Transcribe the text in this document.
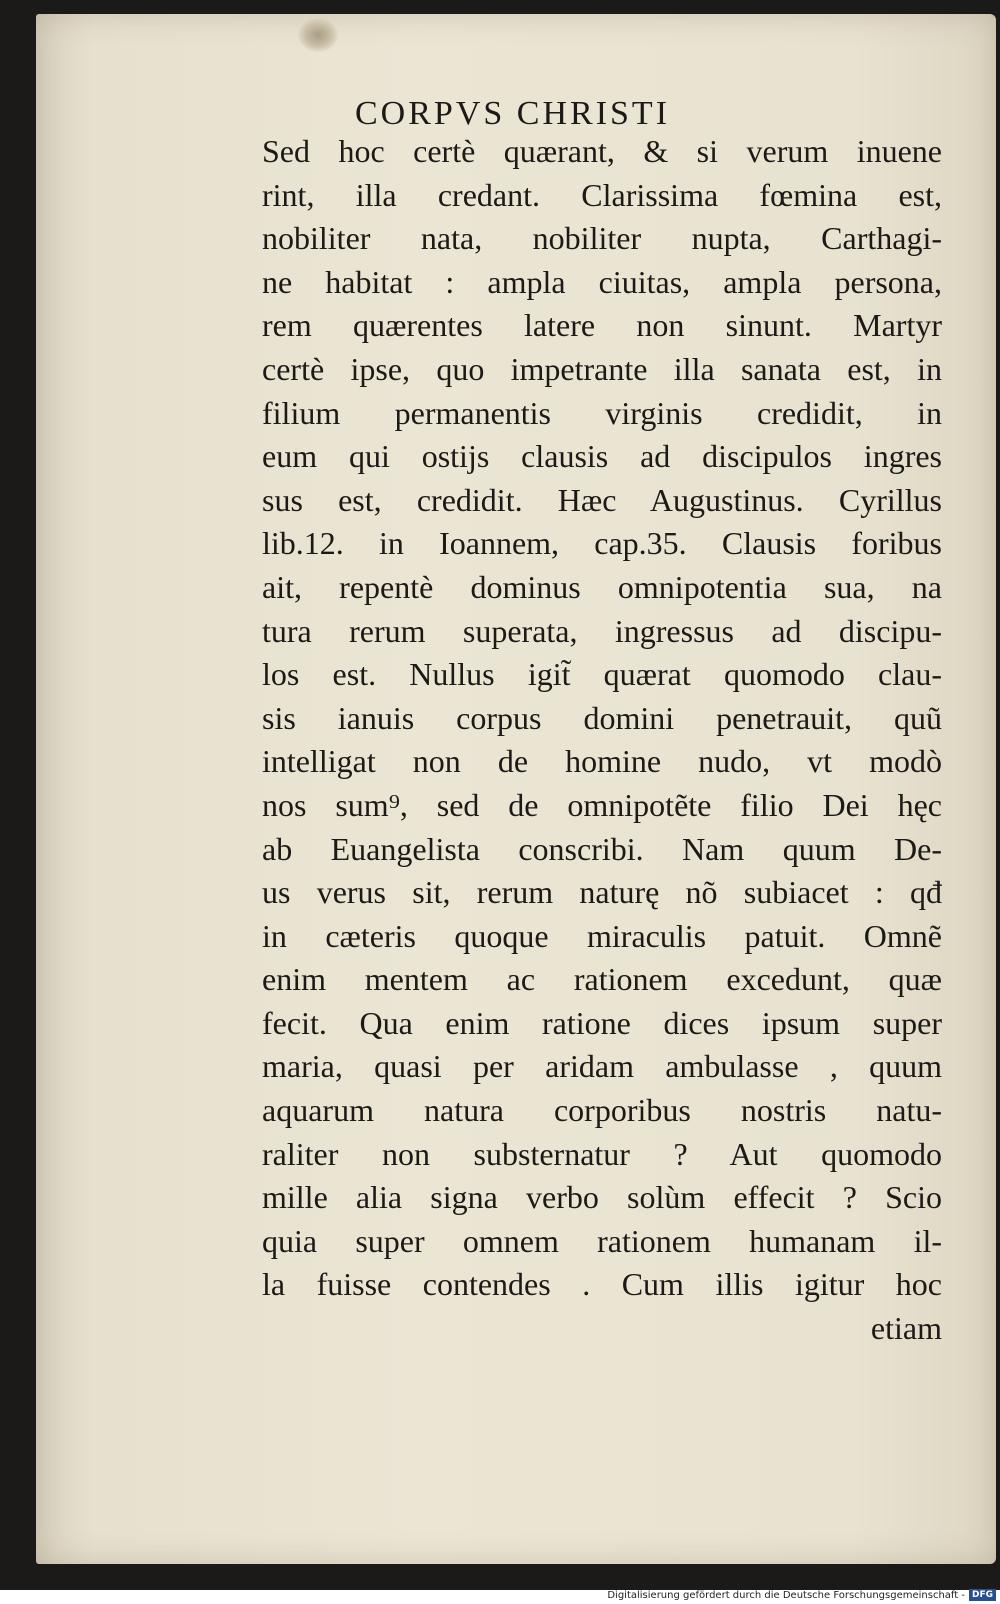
CORPVS CHRISTI
Sed hoc certè quærant, & si verum inuene
rint, illa credant. Clarissima fœmina est,
nobiliter nata, nobiliter nupta, Carthagi-
ne habitat : ampla ciuitas, ampla persona,
rem quærentes latere non sinunt. Martyr
certè ipse, quo impetrante illa sanata est, in
filium permanentis virginis credidit, in
eum qui ostijs clausis ad discipulos ingres
sus est, credidit. Hæc Augustinus. Cyrillus
lib.12. in Ioannem, cap.35. Clausis foribus
ait, repentè dominus omnipotentia sua, na
tura rerum superata, ingressus ad discipu-
los est. Nullus igit̃ quærat quomodo clau-
sis ianuis corpus domini penetrauit, quũ
intelligat non de homine nudo, vt modò
nos sum⁹, sed de omnipotẽte filio Dei hęc
ab Euangelista conscribi. Nam quum De-
us verus sit, rerum naturę nõ subiacet : qđ
in cæteris quoque miraculis patuit. Omnẽ
enim mentem ac rationem excedunt, quæ
fecit. Qua enim ratione dices ipsum super
maria, quasi per aridam ambulasse , quum
aquarum natura corporibus nostris natu-
raliter non substernatur ? Aut quomodo
mille alia signa verbo solùm effecit ? Scio
quia super omnem rationem humanam il-
la fuisse contendes . Cum illis igitur hoc
etiam
Digitalisierung gefördert durch die Deutsche Forschungsgemeinschaft - DFG
